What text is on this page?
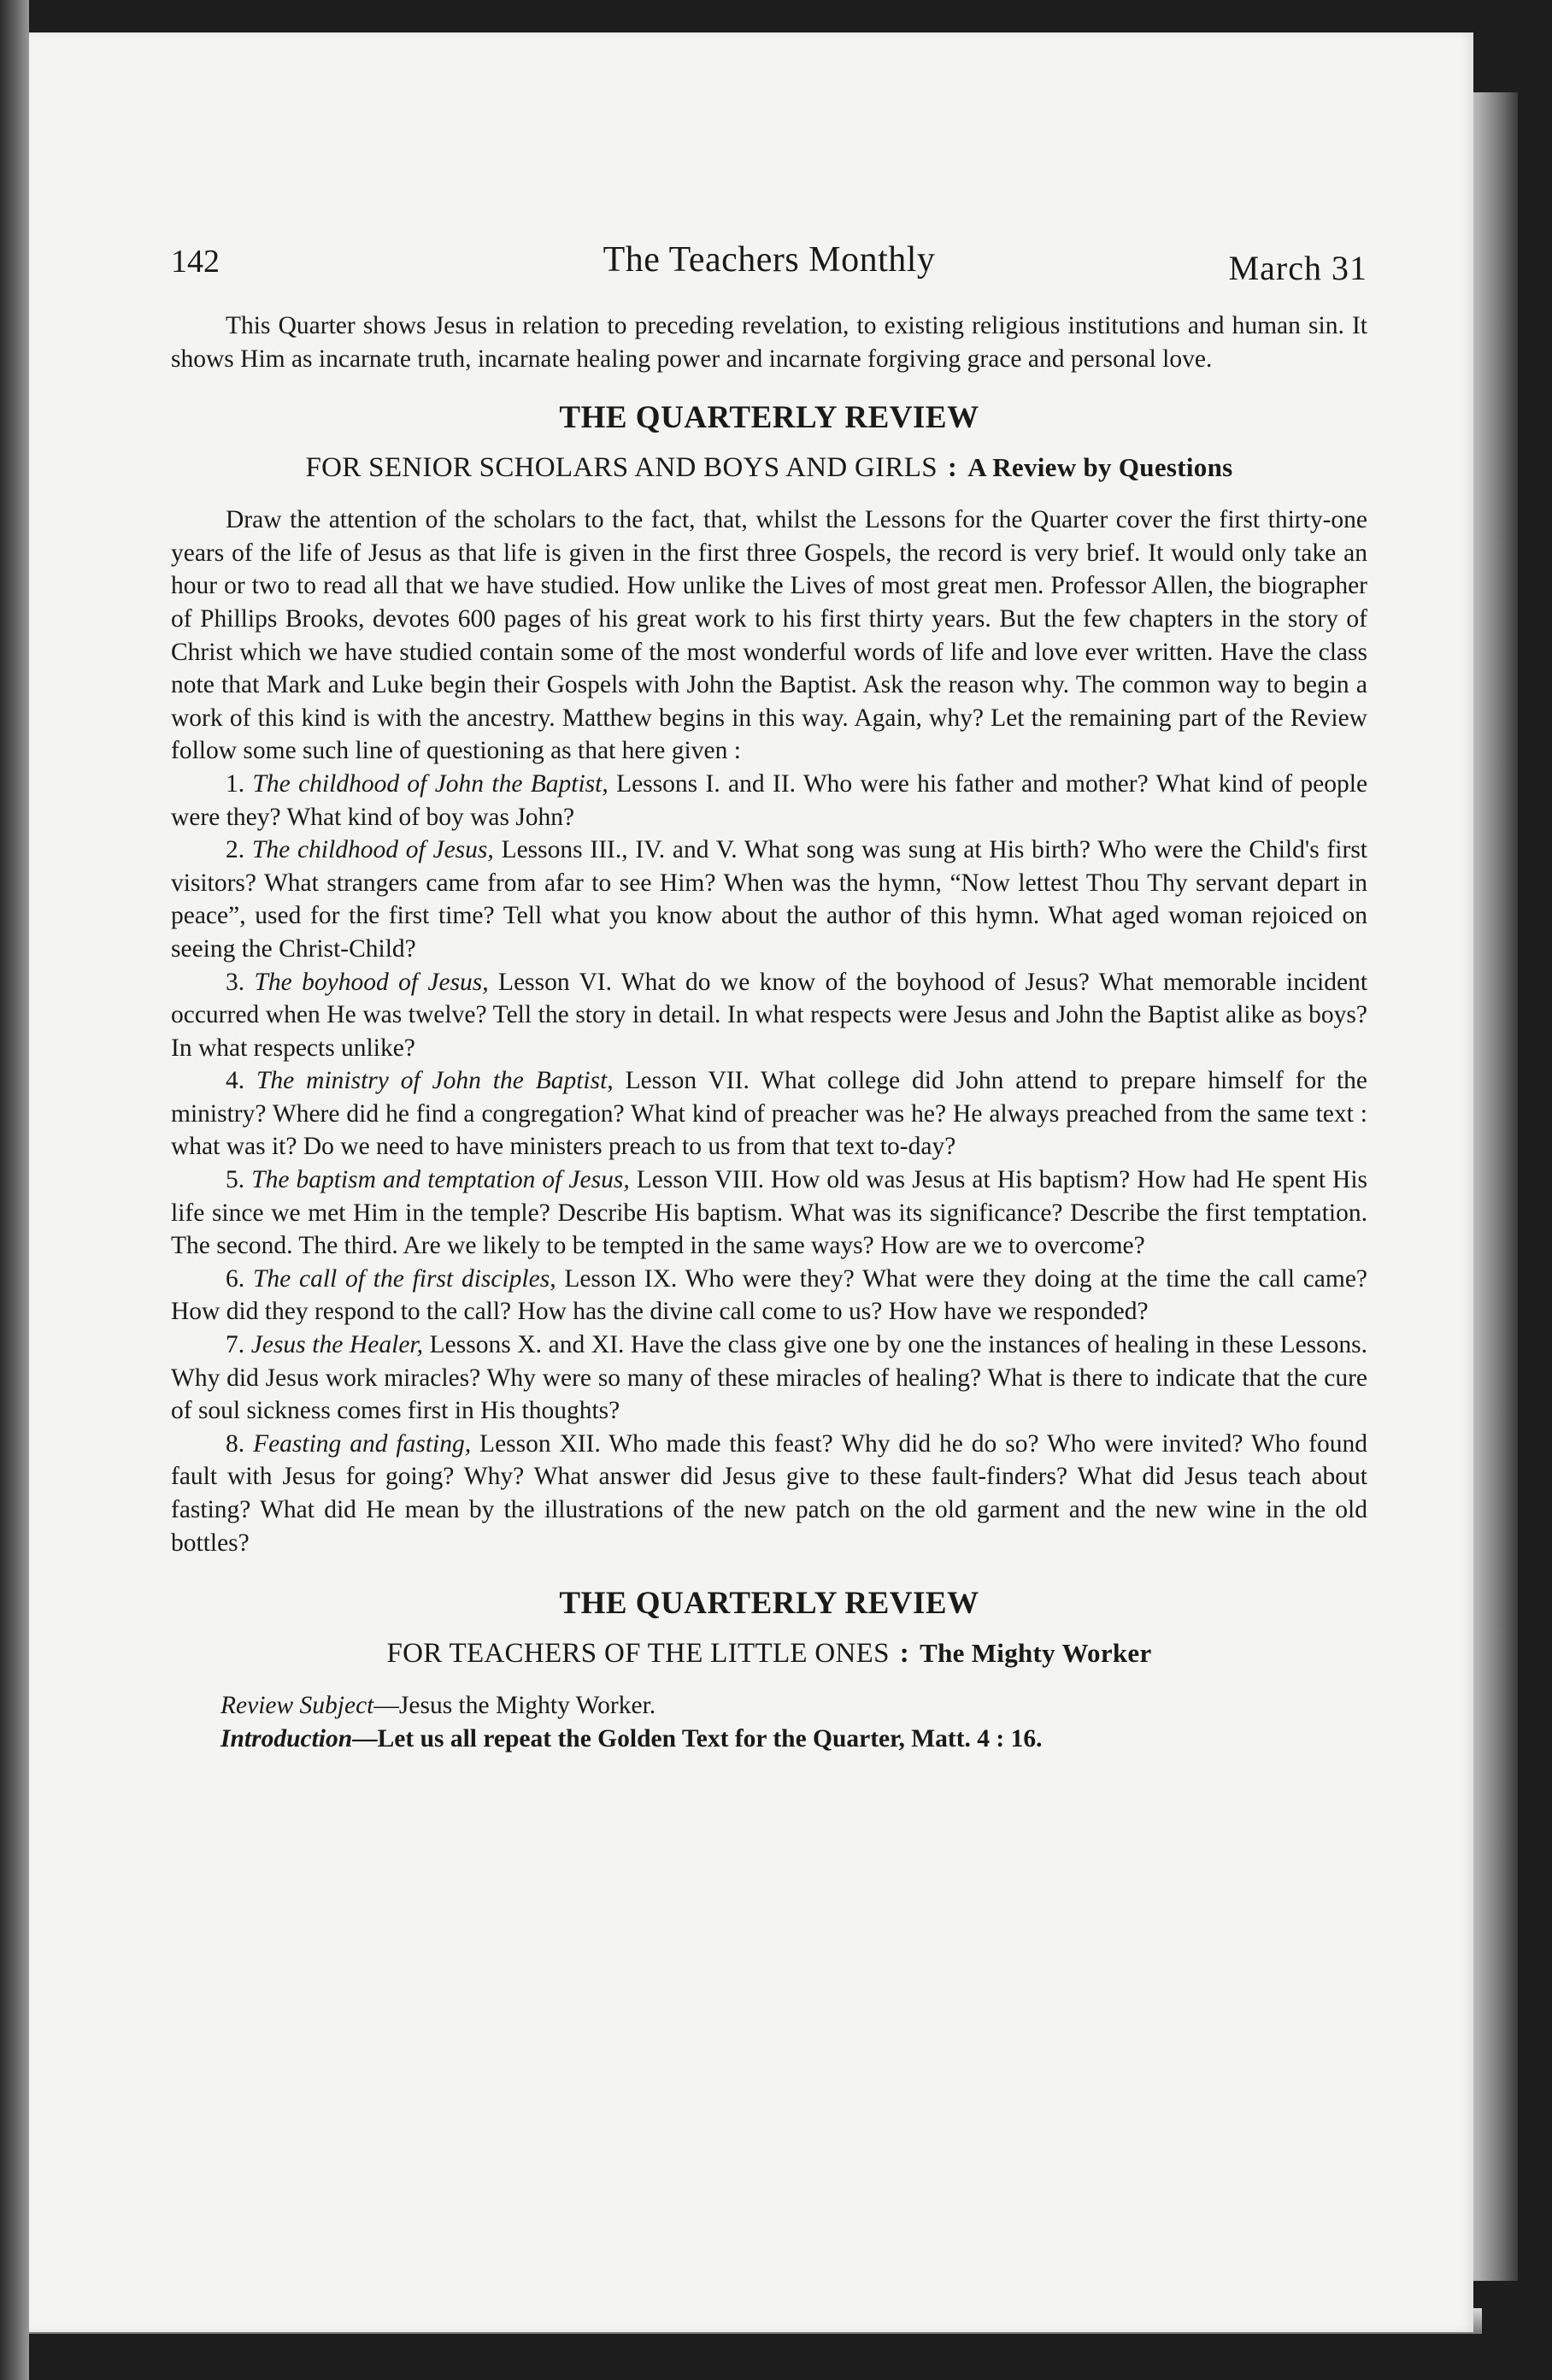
142	The Teachers Monthly	March 31

This Quarter shows Jesus in relation to preceding revelation, to existing religious institutions and human sin. It shows Him as incarnate truth, incarnate healing power and incarnate forgiving grace and personal love.

THE QUARTERLY REVIEW
FOR SENIOR SCHOLARS AND BOYS AND GIRLS : A Review by Questions

Draw the attention of the scholars to the fact, that, whilst the Lessons for the Quarter cover the first thirty-one years of the life of Jesus as that life is given in the first three Gospels, the record is very brief. It would only take an hour or two to read all that we have studied. How unlike the Lives of most great men. Professor Allen, the biographer of Phillips Brooks, devotes 600 pages of his great work to his first thirty years. But the few chapters in the story of Christ which we have studied contain some of the most wonderful words of life and love ever written. Have the class note that Mark and Luke begin their Gospels with John the Baptist. Ask the reason why. The common way to begin a work of this kind is with the ancestry. Matthew begins in this way. Again, why? Let the remaining part of the Review follow some such line of questioning as that here given :

1. The childhood of John the Baptist, Lessons I. and II. Who were his father and mother? What kind of people were they? What kind of boy was John?

2. The childhood of Jesus, Lessons III., IV. and V. What song was sung at His birth? Who were the Child's first visitors? What strangers came from afar to see Him? When was the hymn, “Now lettest Thou Thy servant depart in peace”, used for the first time? Tell what you know about the author of this hymn. What aged woman rejoiced on seeing the Christ-Child?

3. The boyhood of Jesus, Lesson VI. What do we know of the boyhood of Jesus? What memorable incident occurred when He was twelve? Tell the story in detail. In what respects were Jesus and John the Baptist alike as boys? In what respects unlike?

4. The ministry of John the Baptist, Lesson VII. What college did John attend to prepare himself for the ministry? Where did he find a congregation? What kind of preacher was he? He always preached from the same text : what was it? Do we need to have ministers preach to us from that text to-day?

5. The baptism and temptation of Jesus, Lesson VIII. How old was Jesus at His baptism? How had He spent His life since we met Him in the temple? Describe His baptism. What was its significance? Describe the first temptation. The second. The third. Are we likely to be tempted in the same ways? How are we to overcome?

6. The call of the first disciples, Lesson IX. Who were they? What were they doing at the time the call came? How did they respond to the call? How has the divine call come to us? How have we responded?

7. Jesus the Healer, Lessons X. and XI. Have the class give one by one the instances of healing in these Lessons. Why did Jesus work miracles? Why were so many of these miracles of healing? What is there to indicate that the cure of soul sickness comes first in His thoughts?

8. Feasting and fasting, Lesson XII. Who made this feast? Why did he do so? Who were invited? Who found fault with Jesus for going? Why? What answer did Jesus give to these fault-finders? What did Jesus teach about fasting? What did He mean by the illustrations of the new patch on the old garment and the new wine in the old bottles?

THE QUARTERLY REVIEW
FOR TEACHERS OF THE LITTLE ONES : The Mighty Worker

Review Subject—Jesus the Mighty Worker.

Introduction—Let us all repeat the Golden Text for the Quarter, Matt. 4 : 16.
